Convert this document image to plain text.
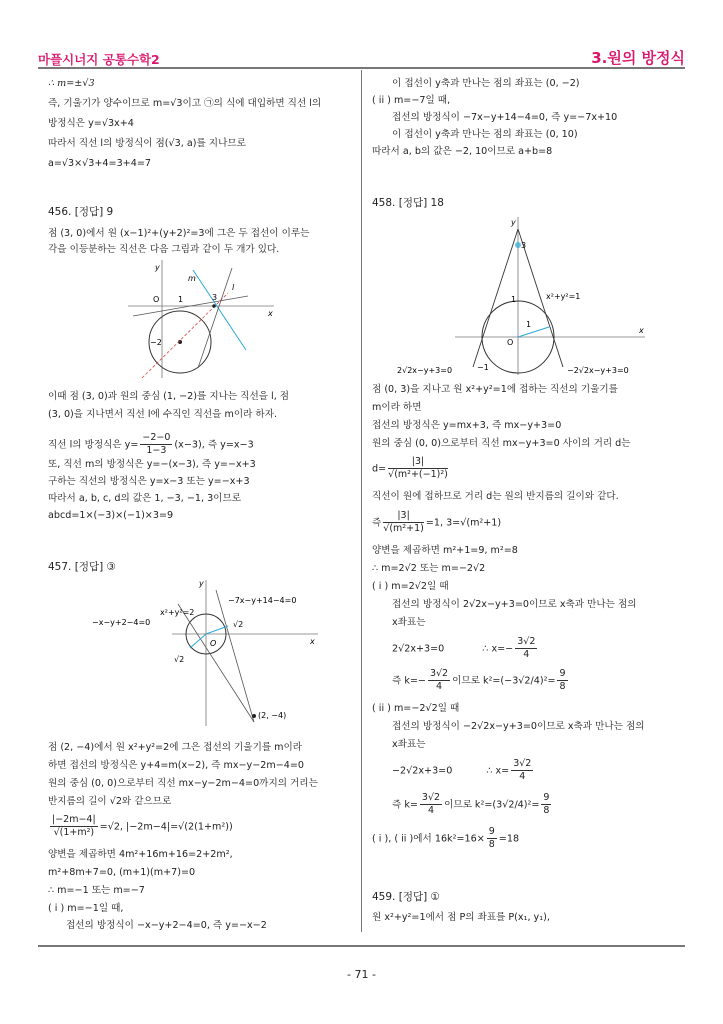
마플시너지 공통수학2	3.원의 방정식
∴ m=±√3
즉, 기울기가 양수이므로 m=√3이고 ㉠의 식에 대입하면 직선 l의
방정식은 y=√3x+4
따라서 직선 l의 방정식이 점(√3, a)를 지나므로
a=√3×√3+4=3+4=7
456. [정답] 9
점 (3, 0)에서 원 (x−1)²+(y+2)²=3에 그은 두 접선이 이루는
각을 이등분하는 직선은 다음 그림과 같이 두 개가 있다.
y
x
O 1	3
−2
m
l
이때 점 (3, 0)과 원의 중심 (1, −2)를 지나는 직선을 l, 점
(3, 0)을 지나면서 직선 l에 수직인 직선을 m이라 하자.
직선 l의 방정식은 $y= \frac{-2-0}{1-3} (x-3)$, 즉 y=x−3
또, 직선 m의 방정식은 y=−(x−3), 즉 y=−x+3
구하는 직선의 방정식은 y=x−3 또는 y=−x+3
따라서 a, b, c, d의 값은 1, −3, −1, 3이므로
abcd=1×(−3)×(−1)×3=9
457. [정답] ③
y
x
O
x²+y²=2
−7x−y+14−4=0
−x−y+2−4=0	√2
√2
(2, −4)
점 (2, −4)에서 원 x²+y²=2에 그은 접선의 기울기를 m이라
하면 접선의 방정식은 y+4=m(x−2), 즉 mx−y−2m−4=0
원의 중심 (0, 0)으로부터 직선 mx−y−2m−4=0까지의 거리는
반지름의 길이 √2와 같으므로
$\frac{|-2m-4|}{\text{√(1+m²)}} =√2$, |−2m−4|=√(2(1+m²))
양변을 제곱하면 4m²+16m+16=2+2m²,
m²+8m+7=0, (m+1)(m+7)=0
∴ m=−1 또는 m=−7
( i ) m=−1일 때,
접선의 방정식이 −x−y+2−4=0, 즉 y=−x−2
이 접선이 y축과 만나는 점의 좌표는 (0, −2)
( ii ) m=−7일 때,
접선의 방정식이 −7x−y+14−4=0, 즉 y=−7x+10
이 접선이 y축과 만나는 점의 좌표는 (0, 10)
따라서 a, b의 값은 −2, 10이므로 a+b=8
458. [정답] 18
y
x
O
3
1
1
−1
x²+y²=1
2√2x−y+3=0	−2√2x−y+3=0
점 (0, 3)을 지나고 원 x²+y²=1에 접하는 직선의 기울기를
m이라 하면
접선의 방정식은 y=mx+3, 즉 mx−y+3=0
원의 중심 (0, 0)으로부터 직선 mx−y+3=0 사이의 거리 d는
$d= \frac{|3|}{\text{√(m²+(−1)²)}}$
직선이 원에 접하므로 거리 d는 원의 반지름의 길이와 같다.
즉 $\frac{|3|}{\text{√(m²+1)}} =1$, 3=√(m²+1)
양변을 제곱하면 m²+1=9, m²=8
∴ m=2√2 또는 m=−2√2
( i ) m=2√2일 때
접선의 방정식이 2√2x−y+3=0이므로 x축과 만나는 점의
x좌표는
2√2x+3=0	∴ $x=- \frac{3√2}{4}$
즉 $k=- \frac{3√2}{4}$ 이므로 $k^2=(-3√2/4)^2= \frac{9}{8}$
( ii ) m=−2√2일 때
접선의 방정식이 −2√2x−y+3=0이므로 x축과 만나는 점의
x좌표는
−2√2x+3=0	∴ $x= \frac{3√2}{4}$
즉 $k= \frac{3√2}{4}$ 이므로 $k^2=(3√2/4)^2= \frac{9}{8}$
( i ), ( ii )에서 $16k^2=16\times \frac{9}{8} =18$
459. [정답] ①
원 x²+y²=1에서 점 P의 좌표를 P(x₁, y₁),
- 71 -
